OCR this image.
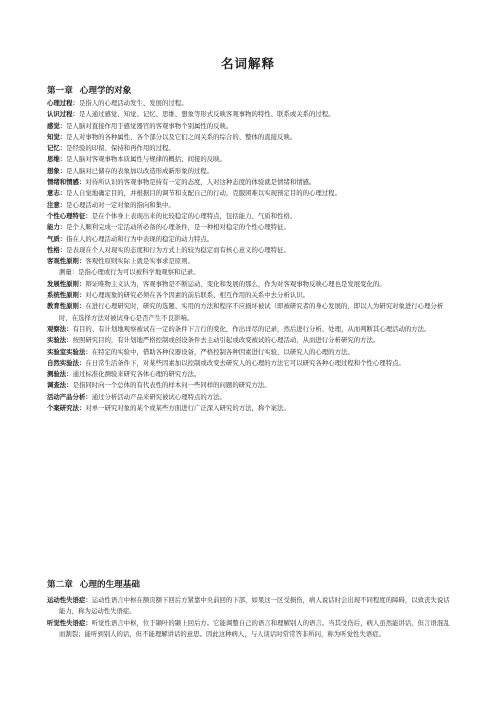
名词解释
第一章 心理学的对象
心理过程：是指人的心理活动发生、发展的过程。
认识过程：是人通过感觉、知觉、记忆、思维、想象等形式反映客观事物的特性、联系或关系的过程。
感觉：是人脑对直接作用于感觉器官的客观事物个别属性的反映。
知觉：是人对事物的各种属性、各个部分以及它们之间关系的综合的、整体的直接反映。
记忆：是经验的印留、保持和再作用的过程。
思维：是人脑对客观事物本质属性与规律的概括、间接的反映。
想象：是人脑对已储存的表象加以改造形成新形象的过程。
情绪和情感：对待所认识的客观事物是持有一定的态度，人对这种态度的体验就是情绪和情感。
意志：是人自觉地确定目的，并根据目的调节和支配自己的行动，克服困难以实现预定目的的心理过程。
注意：是心理活动对一定对象的指向和集中。
个性心理特征：是在个体身上表现出来的比较稳定的心理特点，包括能力、气质和性格。
能力：是个人顺利完成一定活动所必备的心理条件，是一种相对稳定的个性心理特征。
气质：指在人的心理活动和行为中表现的稳定的动力特点。
性格：是表现在个人对现实的态度和行为方式上的较为稳定而有核心意义的心理特征。
客观性原则：客观性原则实际上就是实事求是原则。
测量：是指心理或行为可以被科学地观察和记录。
发展性原则：辩证唯物主义认为，客观事物是不断运动、变化和发展的那么，作为对客观事物反映心理也是发展变化的。
系统性原则：对心理现象的研究必须在各个因素的前后联系、相互作用的关系中去分析认识。
教育性原则：在进行心理研究时，研究的选题、实用的方法和程序不应损坏被试（即被研究者的身心发展的，即以人为研究对象进行心理分析时，在选择方法对被试身心是否产生不良影响。
观察法：有目的、有计划地观察被试在一定的条件下言行的变化，作出详尽的记录，然后进行分析、处理，从而判断其心理活动的方法。
实验法：按照研究目的，有计划地严格控制或创设条件去主动引起或改变被试的心理活动，从而进行分析研究的方法。
实验室实验法：在特定的实验中，借助各种仪器设备，严格控制各种因素进行实验，以研究人的心理的方法。
自然实验法：在日常生活条件下，对某些因素加以控制或改变去研究人的心理的方法它可以研究各种心理过程和个性心理特点。
测验法：通过标准化测验来研究各体心理的研究方法。
调查法：是指同时向一个总体的有代表性的样本问一些同样的问题的研究方法。
活动产品分析：通过分析活动产品来研究被试心理特点的方法。
个案研究法：对单一研究对象的某个或某些方面进行广泛深入研究的方法，称个案法。
第二章 心理的生理基础
运动性失语症：运动性语言中枢在额页额下回后方紧靠中央前回的下部，如果这一区受损伤，病人说话时会出现不同程度的障碍，以致丧失说话能力，称为运动性失语症。
听觉性失语症：听觉性语言中枢，位于颞叶的颞上回后方。它能调整自己的语言和理解别人的语言。当其受伤后，病人虽然能讲话，但言语混乱而割裂；能听到别人的话，但不能理解讲话的意思。因此这种病人，与人谈话时常常答非所问，称为听觉性失语症。
